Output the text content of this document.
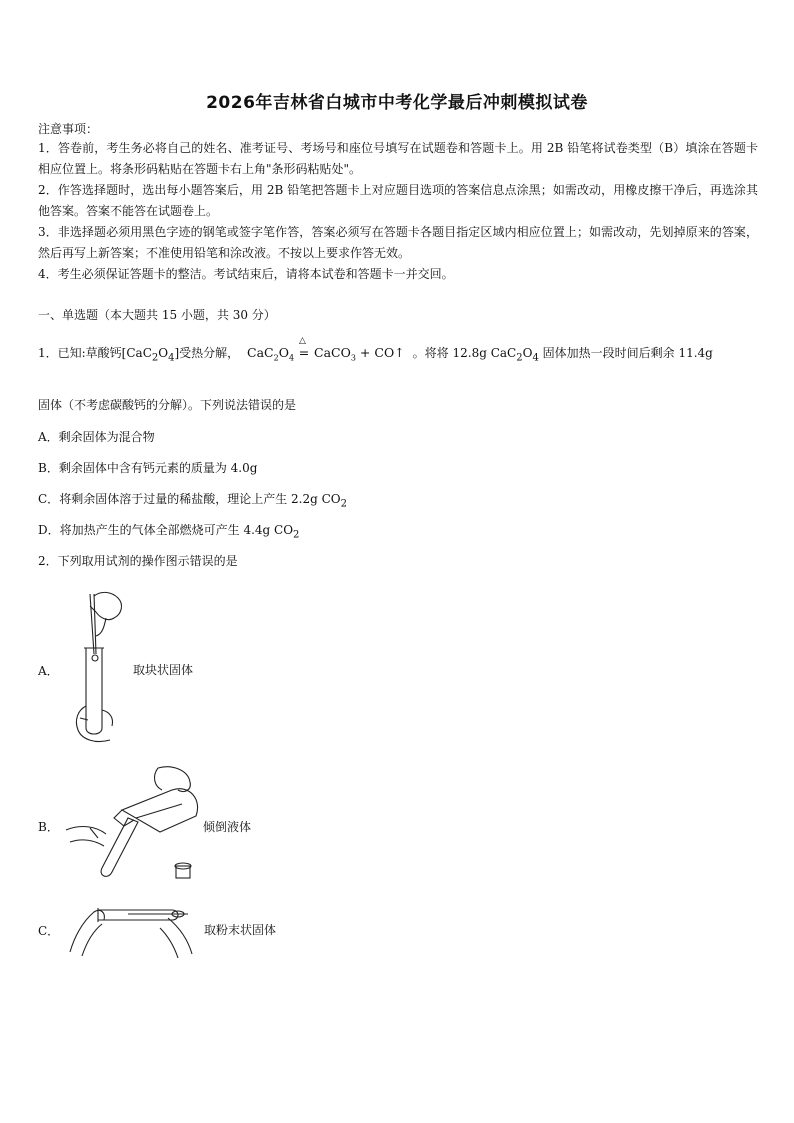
2026年吉林省白城市中考化学最后冲刺模拟试卷
注意事项：

1．答卷前，考生务必将自己的姓名、准考证号、考场号和座位号填写在试题卷和答题卡上。用 2B 铅笔将试卷类型（B）填涂在答题卡相应位置上。将条形码粘贴在答题卡右上角"条形码粘贴处"。

2．作答选择题时，选出每小题答案后，用 2B 铅笔把答题卡上对应题目选项的答案信息点涂黑；如需改动，用橡皮擦干净后，再选涂其他答案。答案不能答在试题卷上。

3．非选择题必须用黑色字迹的钢笔或签字笔作答，答案必须写在答题卡各题目指定区域内相应位置上；如需改动，先划掉原来的答案，然后再写上新答案；不准使用铅笔和涂改液。不按以上要求作答无效。

4．考生必须保证答题卡的整洁。考试结束后，请将本试卷和答题卡一并交回。

一、单选题（本大题共 15 小题，共 30 分）
1．已知:草酸钙$[CaC_2O_4]$受热分解， $CaC_2O_4$
△
= CaCO$_3$ + CO↑ 。将将 12.8g $CaC_2O_4$ 固体加热一段时间后剩余 11.4g
固体（不考虑碳酸钙的分解）。下列说法错误的是
A．剩余固体为混合物
B．剩余固体中含有钙元素的质量为 4.0g
C．将剩余固体溶于过量的稀盐酸，理论上产生 2.2g $CO_2$
D．将加热产生的气体全部燃烧可产生 4.4g $CO_2$
2．下列取用试剂的操作图示错误的是
A．	取块状固体
B．	倾倒液体
C．	取粉末状固体
